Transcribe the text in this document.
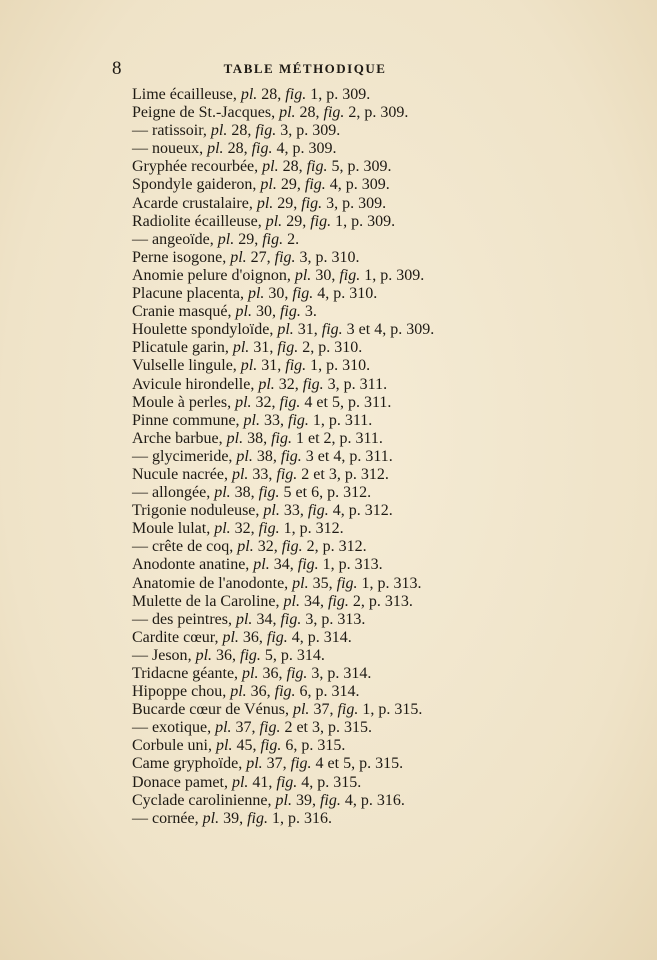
8	TABLE MÉTHODIQUE
Lime écailleuse, pl. 28, fig. 1, p. 309.
Peigne de St.-Jacques, pl. 28, fig. 2, p. 309.
— ratissoir, pl. 28, fig. 3, p. 309.
— noueux, pl. 28, fig. 4, p. 309.
Gryphée recourbée, pl. 28, fig. 5, p. 309.
Spondyle gaideron, pl. 29, fig. 4, p. 309.
Acarde crustalaire, pl. 29, fig. 3, p. 309.
Radiolite écailleuse, pl. 29, fig. 1, p. 309.
— angeoïde, pl. 29, fig. 2.
Perne isogone, pl. 27, fig. 3, p. 310.
Anomie pelure d'oignon, pl. 30, fig. 1, p. 309.
Placune placenta, pl. 30, fig. 4, p. 310.
Cranie masqué, pl. 30, fig. 3.
Houlette spondyloïde, pl. 31, fig. 3 et 4, p. 309.
Plicatule garin, pl. 31, fig. 2, p. 310.
Vulselle lingule, pl. 31, fig. 1, p. 310.
Avicule hirondelle, pl. 32, fig. 3, p. 311.
Moule à perles, pl. 32, fig. 4 et 5, p. 311.
Pinne commune, pl. 33, fig. 1, p. 311.
Arche barbue, pl. 38, fig. 1 et 2, p. 311.
— glycimeride, pl. 38, fig. 3 et 4, p. 311.
Nucule nacrée, pl. 33, fig. 2 et 3, p. 312.
— allongée, pl. 38, fig. 5 et 6, p. 312.
Trigonie noduleuse, pl. 33, fig. 4, p. 312.
Moule lulat, pl. 32, fig. 1, p. 312.
— crête de coq, pl. 32, fig. 2, p. 312.
Anodonte anatine, pl. 34, fig. 1, p. 313.
Anatomie de l'anodonte, pl. 35, fig. 1, p. 313.
Mulette de la Caroline, pl. 34, fig. 2, p. 313.
— des peintres, pl. 34, fig. 3, p. 313.
Cardite cœur, pl. 36, fig. 4, p. 314.
— Jeson, pl. 36, fig. 5, p. 314.
Tridacne géante, pl. 36, fig. 3, p. 314.
Hipoppe chou, pl. 36, fig. 6, p. 314.
Bucarde cœur de Vénus, pl. 37, fig. 1, p. 315.
— exotique, pl. 37, fig. 2 et 3, p. 315.
Corbule uni, pl. 45, fig. 6, p. 315.
Came gryphoïde, pl. 37, fig. 4 et 5, p. 315.
Donace pamet, pl. 41, fig. 4, p. 315.
Cyclade carolinienne, pl. 39, fig. 4, p. 316.
— cornée, pl. 39, fig. 1, p. 316.
